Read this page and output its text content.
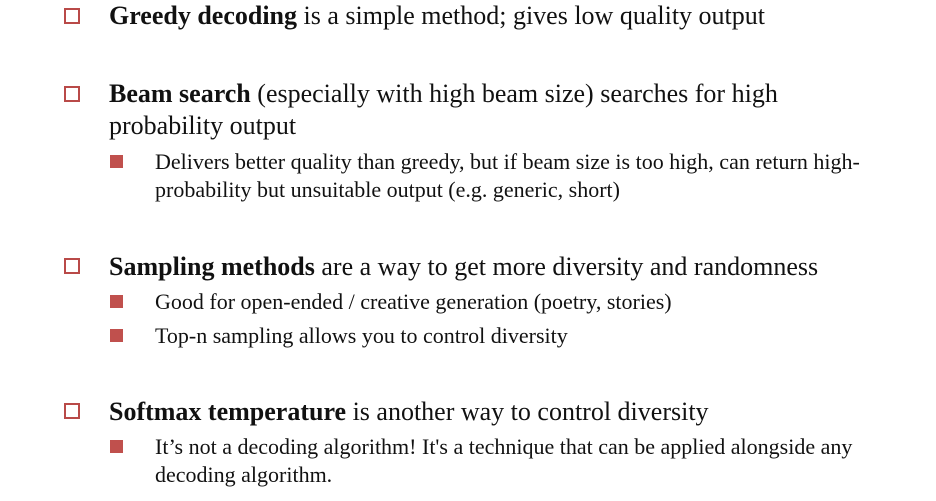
Greedy decoding is a simple method; gives low quality output
Beam search (especially with high beam size) searches for high probability output
Delivers better quality than greedy, but if beam size is too high, can return high-probability but unsuitable output (e.g. generic, short)
Sampling methods are a way to get more diversity and randomness
Good for open-ended / creative generation (poetry, stories)
Top-n sampling allows you to control diversity
Softmax temperature is another way to control diversity
It’s not a decoding algorithm! It's a technique that can be applied alongside any decoding algorithm.
